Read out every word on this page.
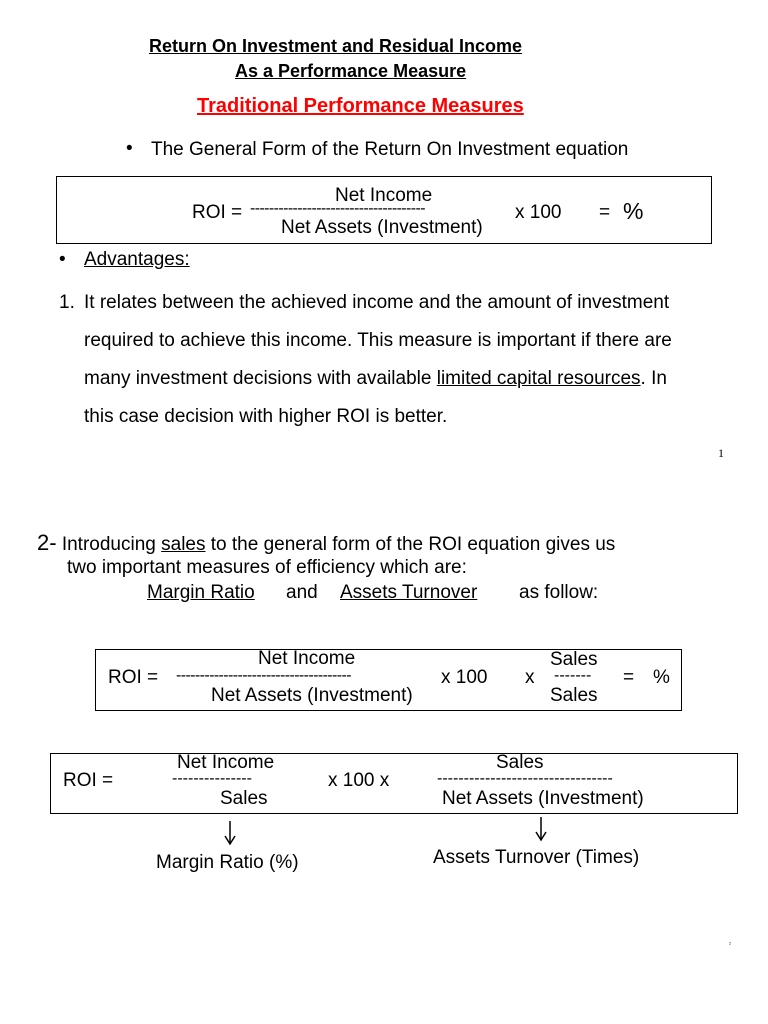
Return On Investment and Residual Income
As a Performance Measure
Traditional Performance Measures
• The General Form of the Return On Investment equation
Net Income
ROI = -------------------------------------	x 100 = %
Net Assets (Investment)
• Advantages:
1. It relates between the achieved income and the amount of investment
required to achieve this income. This measure is important if there are
many investment decisions with available limited capital resources. In
this case decision with higher ROI is better.
1
2- Introducing sales to the general form of the ROI equation gives us
two important measures of efficiency which are:
Margin Ratio and Assets Turnover as follow:
Net Income	Sales
ROI = -------------------------------------	x 100 x ------- = %
Net Assets (Investment)	Sales
Net Income	Sales
ROI =	---------------	x 100 x	---------------------------------
Sales	Net Assets (Investment)
Margin Ratio (%)	Assets Turnover (Times)
²
